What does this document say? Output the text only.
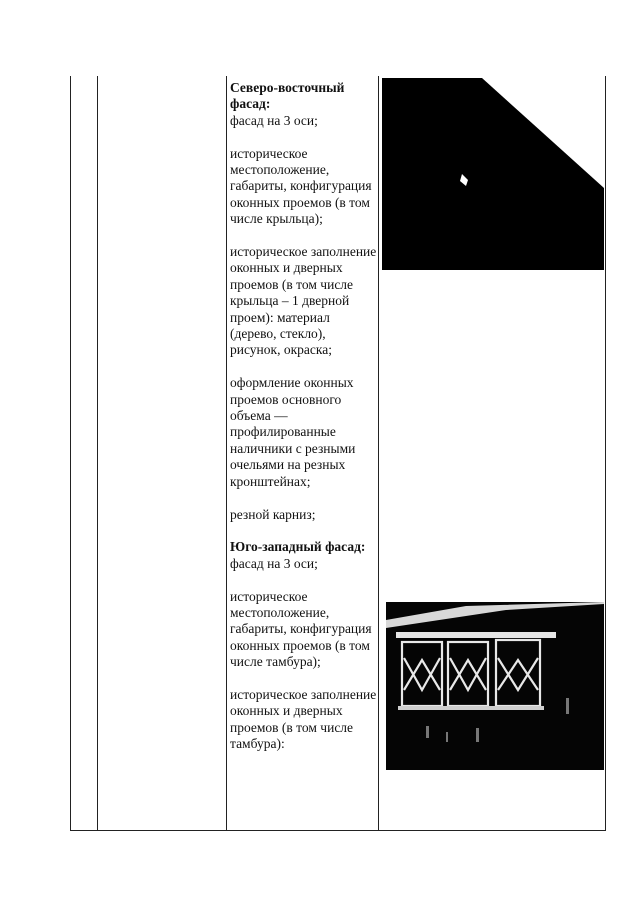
Северо-восточный фасад:

фасад на 3 оси;

историческое местоположение, габариты, конфигурация оконных проемов (в том числе крыльца);

историческое заполнение оконных и дверных проемов (в том числе крыльца – 1 дверной проем): материал (дерево, стекло), рисунок, окраска;

оформление оконных проемов основного объема — профилированные наличники с резными очельями на резных кронштейнах;

резной карниз;

Юго-западный фасад:

фасад на 3 оси;

историческое местоположение, габариты, конфигурация оконных проемов (в том числе тамбура);

историческое заполнение оконных и дверных проемов (в том числе тамбура):
